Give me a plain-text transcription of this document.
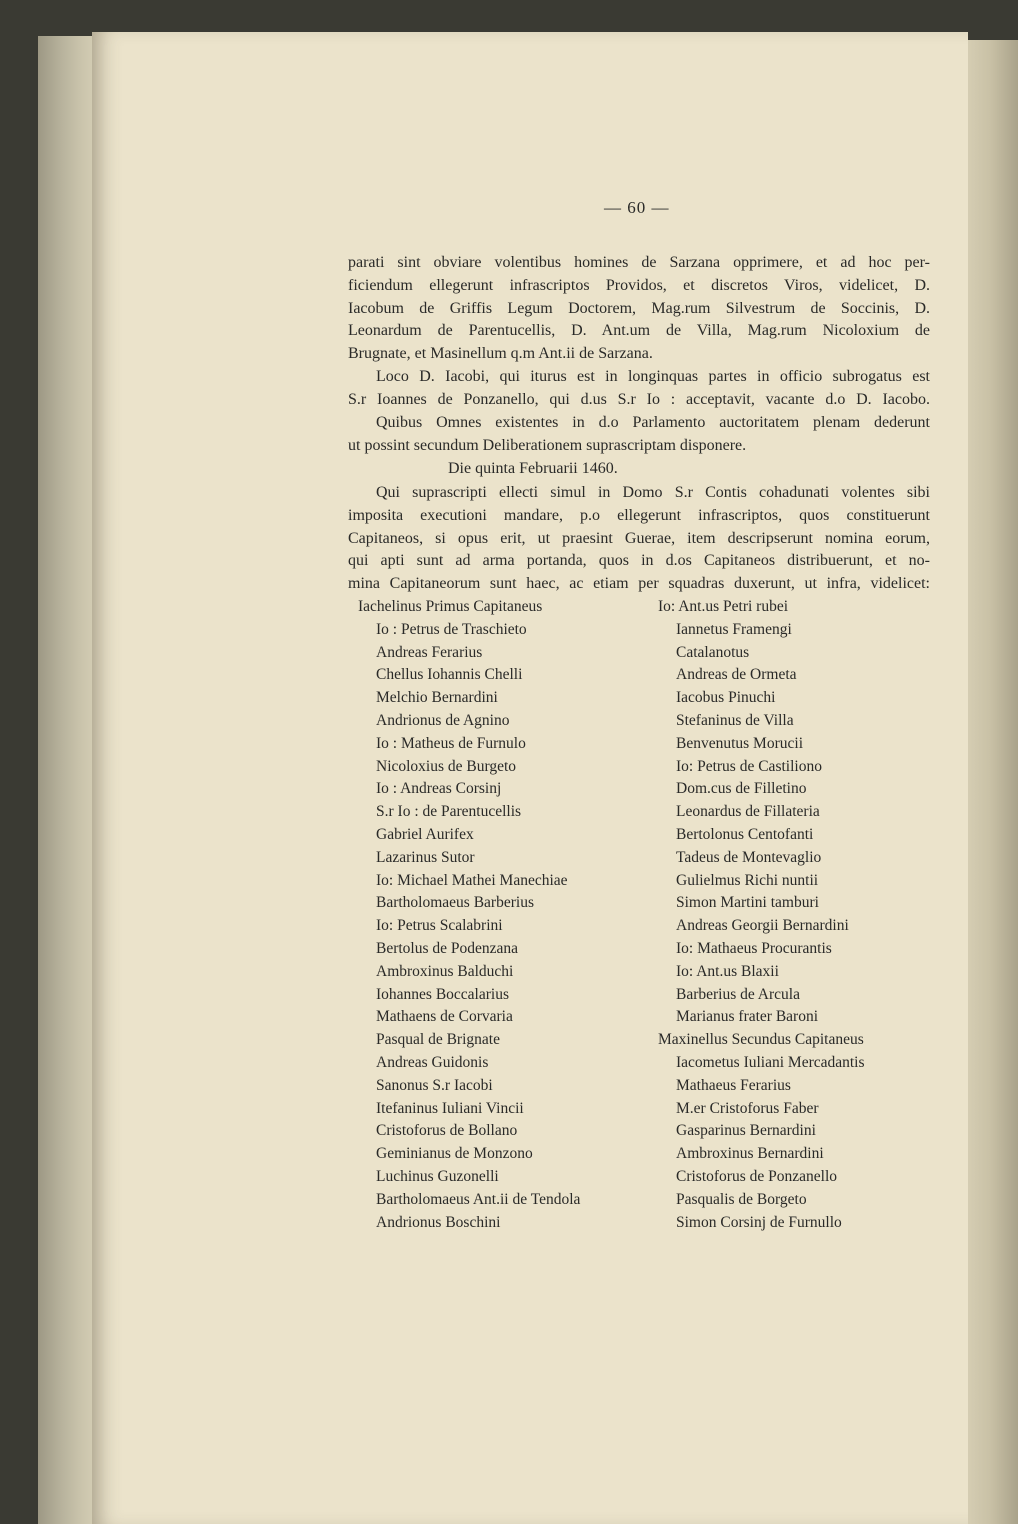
— 60 —
parati sint obviare volentibus homines de Sarzana opprimere, et ad hoc per-
ficiendum ellegerunt infrascriptos Providos, et discretos Viros, videlicet, D.
Iacobum de Griffis Legum Doctorem, Mag.rum Silvestrum de Soccinis, D.
Leonardum de Parentucellis, D. Ant.um de Villa, Mag.rum Nicoloxium de
Brugnate, et Masinellum q.m Ant.ii de Sarzana.
Loco D. Iacobi, qui iturus est in longinquas partes in officio subrogatus est
S.r Ioannes de Ponzanello, qui d.us S.r Io : acceptavit, vacante d.o D. Iacobo.
Quibus Omnes existentes in d.o Parlamento auctoritatem plenam dederunt
ut possint secundum Deliberationem suprascriptam disponere.
Die quinta Februarii 1460.
Qui suprascripti ellecti simul in Domo S.r Contis cohadunati volentes sibi
imposita executioni mandare, p.o ellegerunt infrascriptos, quos constituerunt
Capitaneos, si opus erit, ut praesint Guerae, item descripserunt nomina eorum,
qui apti sunt ad arma portanda, quos in d.os Capitaneos distribuerunt, et no-
mina Capitaneorum sunt haec, ac etiam per squadras duxerunt, ut infra, videlicet:
Iachelinus Primus Capitaneus
Io : Petrus de Traschieto
Andreas Ferarius
Chellus Iohannis Chelli
Melchio Bernardini
Andrionus de Agnino
Io : Matheus de Furnulo
Nicoloxius de Burgeto
Io : Andreas Corsinj
S.r Io : de Parentucellis
Gabriel Aurifex
Lazarinus Sutor
Io: Michael Mathei Manechiae
Bartholomaeus Barberius
Io: Petrus Scalabrini
Bertolus de Podenzana
Ambroxinus Balduchi
Iohannes Boccalarius
Mathaens de Corvaria
Pasqual de Brignate
Andreas Guidonis
Sanonus S.r Iacobi
Itefaninus Iuliani Vincii
Cristoforus de Bollano
Geminianus de Monzono
Luchinus Guzonelli
Bartholomaeus Ant.ii de Tendola
Andrionus Boschini
Io: Ant.us Petri rubei
Iannetus Framengi
Catalanotus
Andreas de Ormeta
Iacobus Pinuchi
Stefaninus de Villa
Benvenutus Morucii
Io: Petrus de Castiliono
Dom.cus de Filletino
Leonardus de Fillateria
Bertolonus Centofanti
Tadeus de Montevaglio
Gulielmus Richi nuntii
Simon Martini tamburi
Andreas Georgii Bernardini
Io: Mathaeus Procurantis
Io: Ant.us Blaxii
Barberius de Arcula
Marianus frater Baroni
Maxinellus Secundus Capitaneus
Iacometus Iuliani Mercadantis
Mathaeus Ferarius
M.er Cristoforus Faber
Gasparinus Bernardini
Ambroxinus Bernardini
Cristoforus de Ponzanello
Pasqualis de Borgeto
Simon Corsinj de Furnullo
